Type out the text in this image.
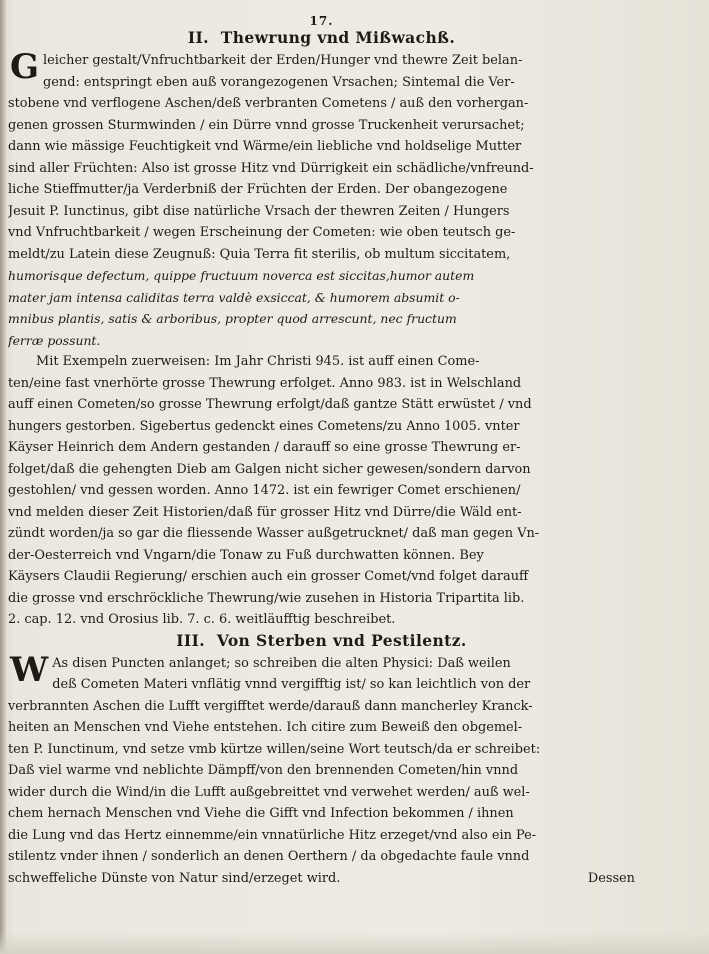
17.
II. Thewrung vnd Mißwachß.
G leicher gestalt/Vnfruchtbarkeit der Erden/Hunger vnd thewre Zeit belan-
gend: entspringt eben auß vorangezogenen Vrsachen; Sintemal die Ver-
stobene vnd verflogene Aschen/deß verbranten Cometens / auß den vorhergan-
genen grossen Sturmwinden / ein Dürre vnnd grosse Truckenheit verursachet;
dann wie mässige Feuchtigkeit vnd Wärme/ein liebliche vnd holdselige Mutter
sind aller Früchten: Also ist grosse Hitz vnd Dürrigkeit ein schädliche/vnfreund-
liche Stieffmutter/ja Verderbniß der Früchten der Erden. Der obangezogene
Jesuit P. Iunctinus, gibt dise natürliche Vrsach der thewren Zeiten / Hungers
vnd Vnfruchtbarkeit / wegen Erscheinung der Cometen: wie oben teutsch ge-
meldt/zu Latein diese Zeugnuß: Quia Terra fit sterilis, ob multum siccitatem,
humorisque defectum, quippe fructuum noverca est siccitas,humor autem
mater jam intensa caliditas terra valdè exsiccat, & humorem absumit o-
mnibus plantis, satis & arboribus, propter quod arrescunt, nec fructum
ferræ possunt.
Mit Exempeln zuerweisen: Im Jahr Christi 945. ist auff einen Come-
ten/eine fast vnerhörte grosse Thewrung erfolget. Anno 983. ist in Welschland
auff einen Cometen/so grosse Thewrung erfolgt/daß gantze Stätt erwüstet / vnd
hungers gestorben. Sigebertus gedenckt eines Cometens/zu Anno 1005. vnter
Käyser Heinrich dem Andern gestanden / darauff so eine grosse Thewrung er-
folget/daß die gehengten Dieb am Galgen nicht sicher gewesen/sondern darvon
gestohlen/ vnd gessen worden. Anno 1472. ist ein fewriger Comet erschienen/
vnd melden dieser Zeit Historien/daß für grosser Hitz vnd Dürre/die Wäld ent-
zündt worden/ja so gar die fliessende Wasser außgetrucknet/ daß man gegen Vn-
der-Oesterreich vnd Vngarn/die Tonaw zu Fuß durchwatten können. Bey
Käysers Claudii Regierung/ erschien auch ein grosser Comet/vnd folget darauff
die grosse vnd erschröckliche Thewrung/wie zusehen in Historia Tripartita lib.
2. cap. 12. vnd Orosius lib. 7. c. 6. weitläufftig beschreibet.
III. Von Sterben vnd Pestilentz.
W As disen Puncten anlanget; so schreiben die alten Physici: Daß weilen
deß Cometen Materi vnflätig vnnd vergifftig ist/ so kan leichtlich von der
verbrannten Aschen die Lufft vergifftet werde/darauß dann mancherley Kranck-
heiten an Menschen vnd Viehe entstehen. Ich citire zum Beweiß den obgemel-
ten P. Iunctinum, vnd setze vmb kürtze willen/seine Wort teutsch/da er schreibet:
Daß viel warme vnd neblichte Dämpff/von den brennenden Cometen/hin vnnd
wider durch die Wind/in die Lufft außgebreittet vnd verwehet werden/ auß wel-
chem hernach Menschen vnd Viehe die Gifft vnd Infection bekommen / ihnen
die Lung vnd das Hertz einnemme/ein vnnatürliche Hitz erzeget/vnd also ein Pe-
stilentz vnder ihnen / sonderlich an denen Oerthern / da obgedachte faule vnnd
schweffeliche Dünste von Natur sind/erzeget wird.	Dessen
